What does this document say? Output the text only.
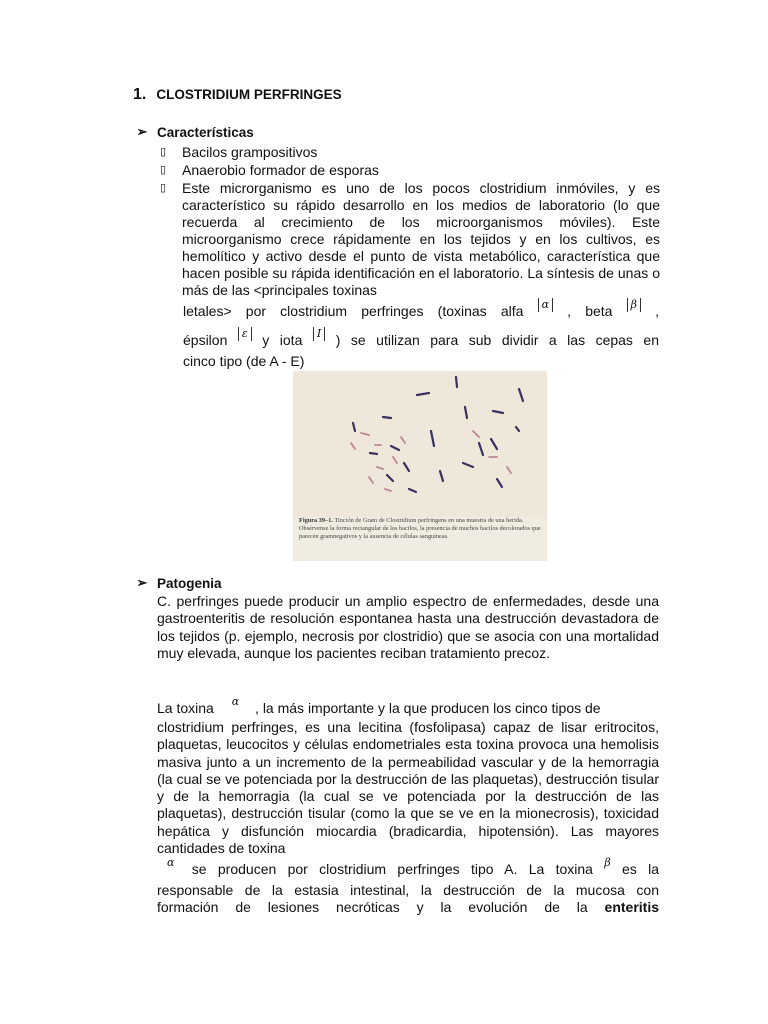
1. CLOSTRIDIUM PERFRINGES
➢ Características
▯ Bacilos grampositivos
▯ Anaerobio formador de esporas
▯ Este microrganismo es uno de los pocos clostridium inmóviles, y es característico su rápido desarrollo en los medios de laboratorio (lo que recuerda al crecimiento de los microorganismos móviles). Este microorganismo crece rápidamente en los tejidos y en los cultivos, es hemolítico y activo desde el punto de vista metabólico, característica que hacen posible su rápida identificación en el laboratorio. La síntesis de unas o más de las <principales toxinas
letales> por clostridium perfringes (toxinas alfa α , beta β ,
épsilon ε y iota I ) se utilizan para sub dividir a las cepas en
cinco tipo (de A - E)
Figura 39–1. Tinción de Gram de Clostridium perfringens en una muestra de una herida. Obsérvense la forma rectangular de los bacilos, la presencia de muchos bacilos decolorados que parecen gramnegativos y la ausencia de células sanguíneas.
➢ Patogenia
C. perfringes puede producir un amplio espectro de enfermedades, desde una gastroenteritis de resolución espontanea hasta una destrucción devastadora de los tejidos (p. ejemplo, necrosis por clostridio) que se asocia con una mortalidad muy elevada, aunque los pacientes reciban tratamiento precoz.
La toxina $^\alpha$ , la más importante y la que producen los cinco tipos de
clostridium perfringes, es una lecitina (fosfolipasa) capaz de lisar eritrocitos, plaquetas, leucocitos y células endometriales esta toxina provoca una hemolisis masiva junto a un incremento de la permeabilidad vascular y de la hemorragia (la cual se ve potenciada por la destrucción de las plaquetas), destrucción tisular y de la hemorragia (la cual se ve potenciada por la destrucción de las plaquetas), destrucción tisular (como la que se ve en la mionecrosis), toxicidad hepática y disfunción miocardia (bradicardia, hipotensión). Las mayores cantidades de toxina
$^\alpha$ se producen por clostridium perfringes tipo A. La toxina $^\beta$ es la
responsable de la estasia intestinal, la destrucción de la mucosa con
formación de lesiones necróticas y la evolución de la enteritis
